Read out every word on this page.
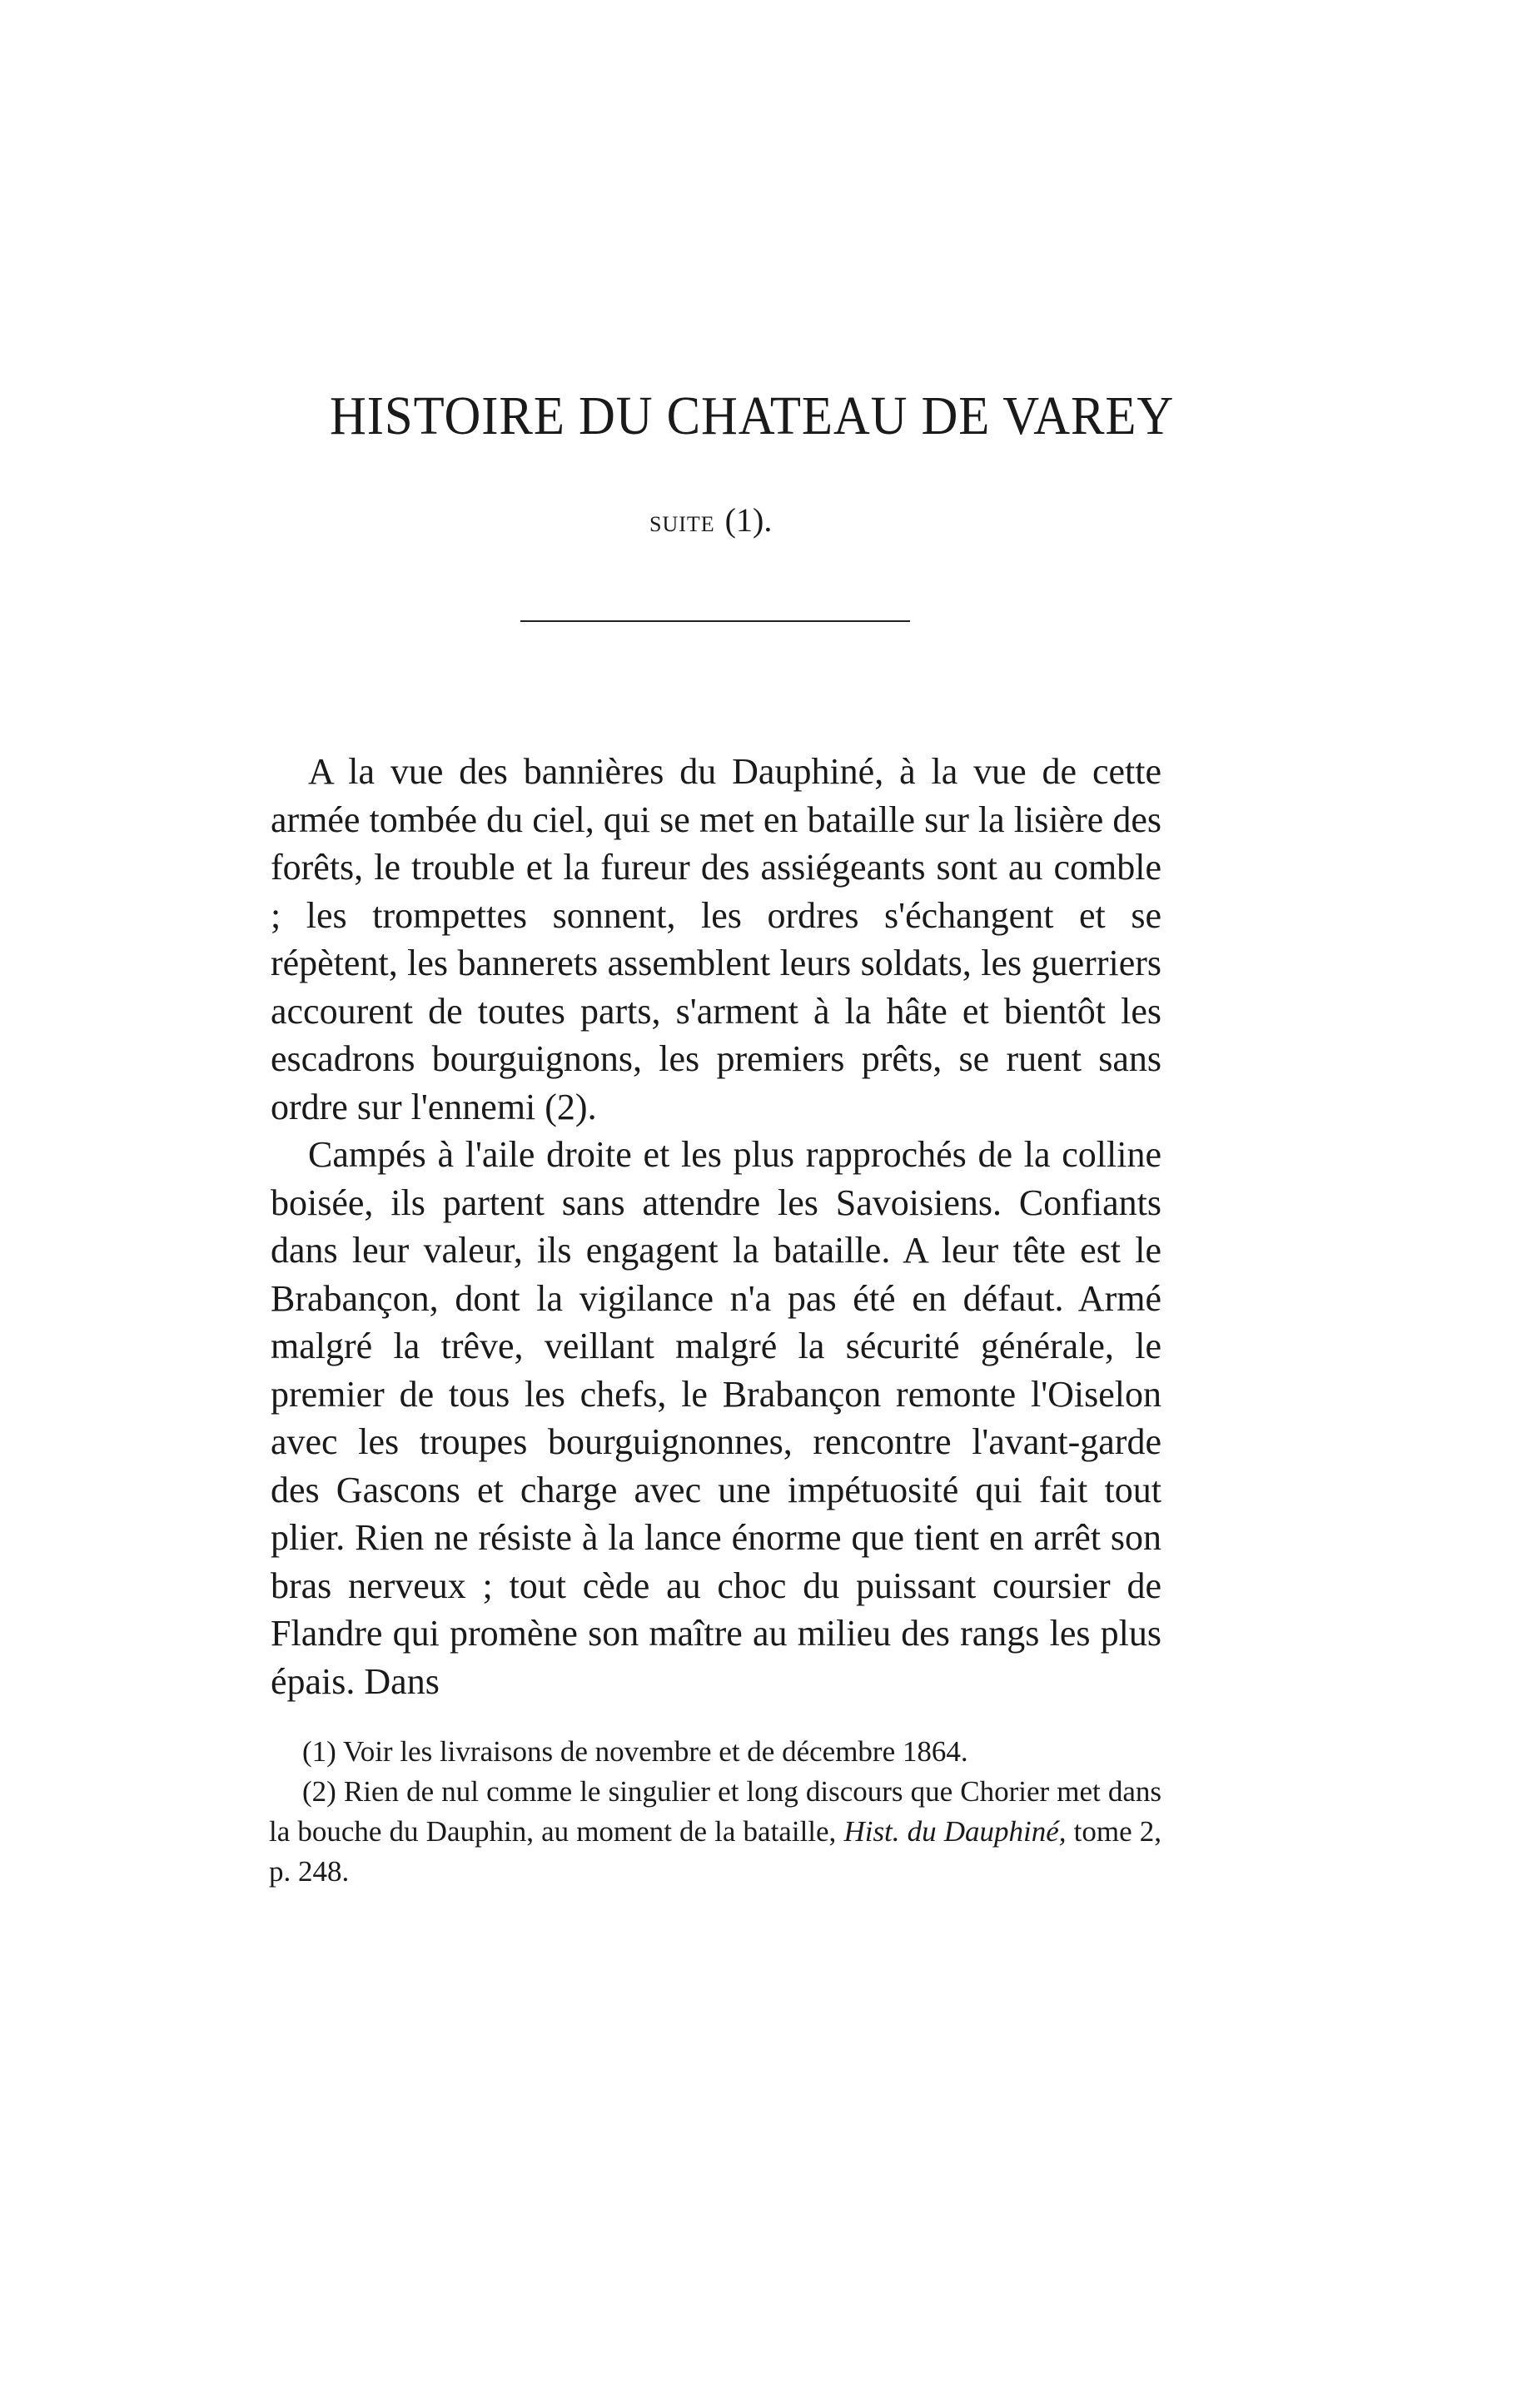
HISTOIRE DU CHATEAU DE VAREY
SUITE (1).

A la vue des bannières du Dauphiné, à la vue de cette armée tombée du ciel, qui se met en bataille sur la lisière des forêts, le trouble et la fureur des assiégeants sont au comble ; les trompettes sonnent, les ordres s'échangent et se répètent, les bannerets assemblent leurs soldats, les guerriers accourent de toutes parts, s'arment à la hâte et bientôt les escadrons bourguignons, les premiers prêts, se ruent sans ordre sur l'ennemi (2).

Campés à l'aile droite et les plus rapprochés de la colline boisée, ils partent sans attendre les Savoisiens. Confiants dans leur valeur, ils engagent la bataille. A leur tête est le Brabançon, dont la vigilance n'a pas été en défaut. Armé malgré la trêve, veillant malgré la sécurité générale, le premier de tous les chefs, le Brabançon remonte l'Oiselon avec les troupes bourguignonnes, rencontre l'avant-garde des Gascons et charge avec une impétuosité qui fait tout plier. Rien ne résiste à la lance énorme que tient en arrêt son bras nerveux ; tout cède au choc du puissant coursier de Flandre qui promène son maître au milieu des rangs les plus épais. Dans

(1) Voir les livraisons de novembre et de décembre 1864.

(2) Rien de nul comme le singulier et long discours que Chorier met dans la bouche du Dauphin, au moment de la bataille, Hist. du Dauphiné, tome 2, p. 248.
